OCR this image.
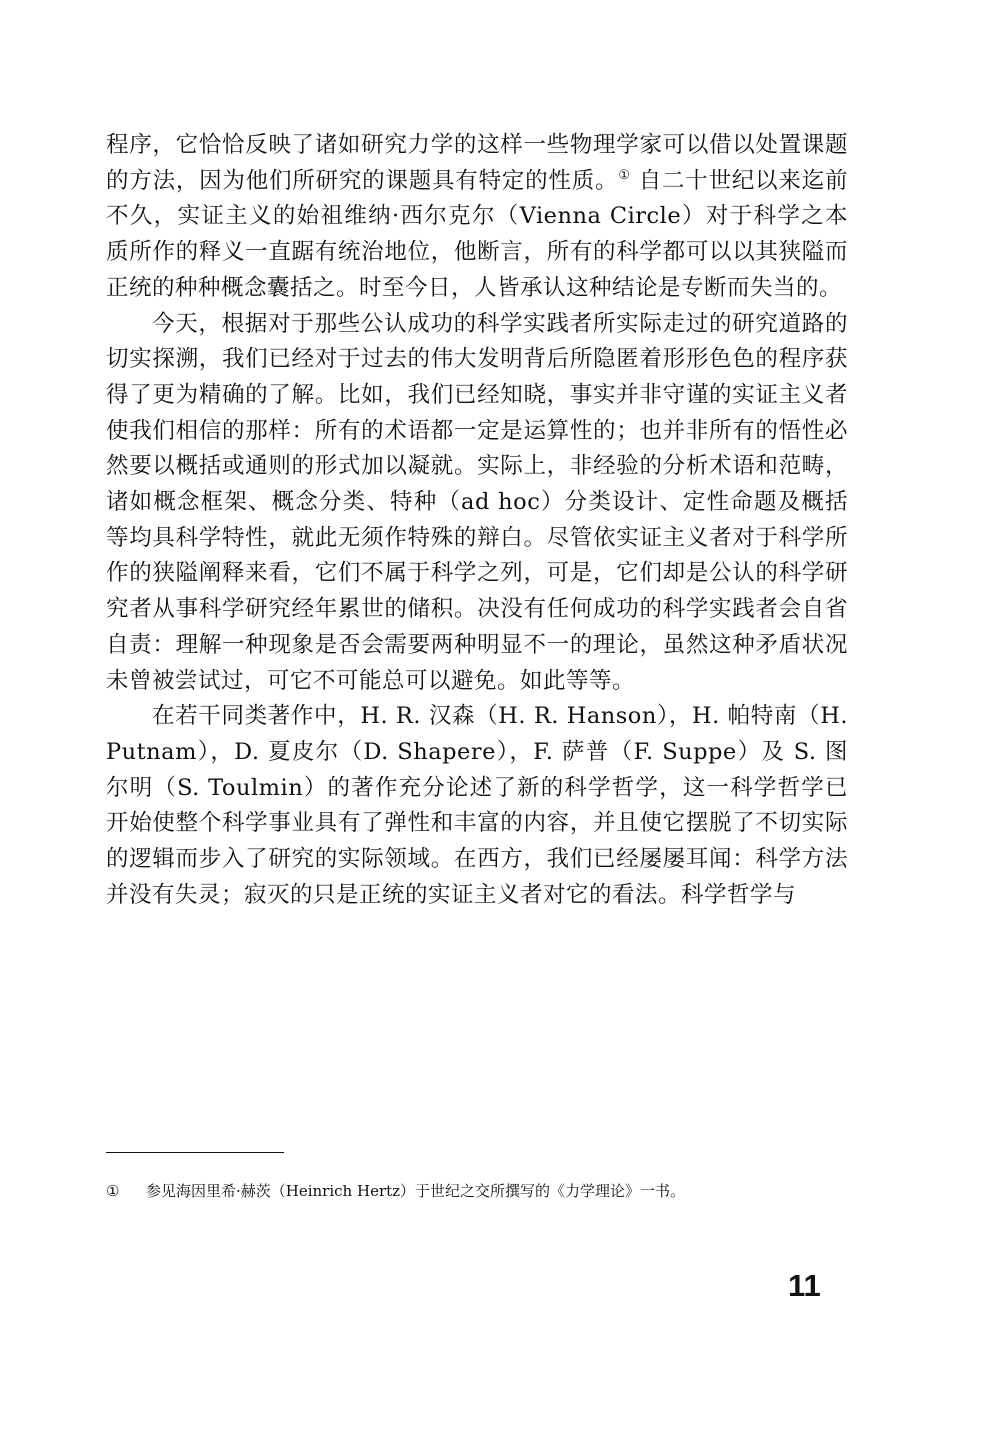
程序，它恰恰反映了诸如研究力学的这样一些物理学家可以借以处置课题的方法，因为他们所研究的课题具有特定的性质。① 自二十世纪以来迄前不久，实证主义的始祖维纳·西尔克尔（Vienna Circle）对于科学之本质所作的释义一直踞有统治地位，他断言，所有的科学都可以以其狭隘而正统的种种概念囊括之。时至今日，人皆承认这种结论是专断而失当的。

今天，根据对于那些公认成功的科学实践者所实际走过的研究道路的切实探溯，我们已经对于过去的伟大发明背后所隐匿着形形色色的程序获得了更为精确的了解。比如，我们已经知晓，事实并非守谨的实证主义者使我们相信的那样：所有的术语都一定是运算性的；也并非所有的悟性必然要以概括或通则的形式加以凝就。实际上，非经验的分析术语和范畴，诸如概念框架、概念分类、特种（ad hoc）分类设计、定性命题及概括等均具科学特性，就此无须作特殊的辩白。尽管依实证主义者对于科学所作的狭隘阐释来看，它们不属于科学之列，可是，它们却是公认的科学研究者从事科学研究经年累世的储积。决没有任何成功的科学实践者会自省自责：理解一种现象是否会需要两种明显不一的理论，虽然这种矛盾状况未曾被尝试过，可它不可能总可以避免。如此等等。

在若干同类著作中，H. R. 汉森（H. R. Hanson），H. 帕特南（H. Putnam），D. 夏皮尔（D. Shapere），F. 萨普（F. Suppe）及 S. 图尔明（S. Toulmin）的著作充分论述了新的科学哲学，这一科学哲学已开始使整个科学事业具有了弹性和丰富的内容，并且使它摆脱了不切实际的逻辑而步入了研究的实际领域。在西方，我们已经屡屡耳闻：科学方法并没有失灵；寂灭的只是正统的实证主义者对它的看法。科学哲学与

① 参见海因里希·赫茨（Heinrich Hertz）于世纪之交所撰写的《力学理论》一书。
11
